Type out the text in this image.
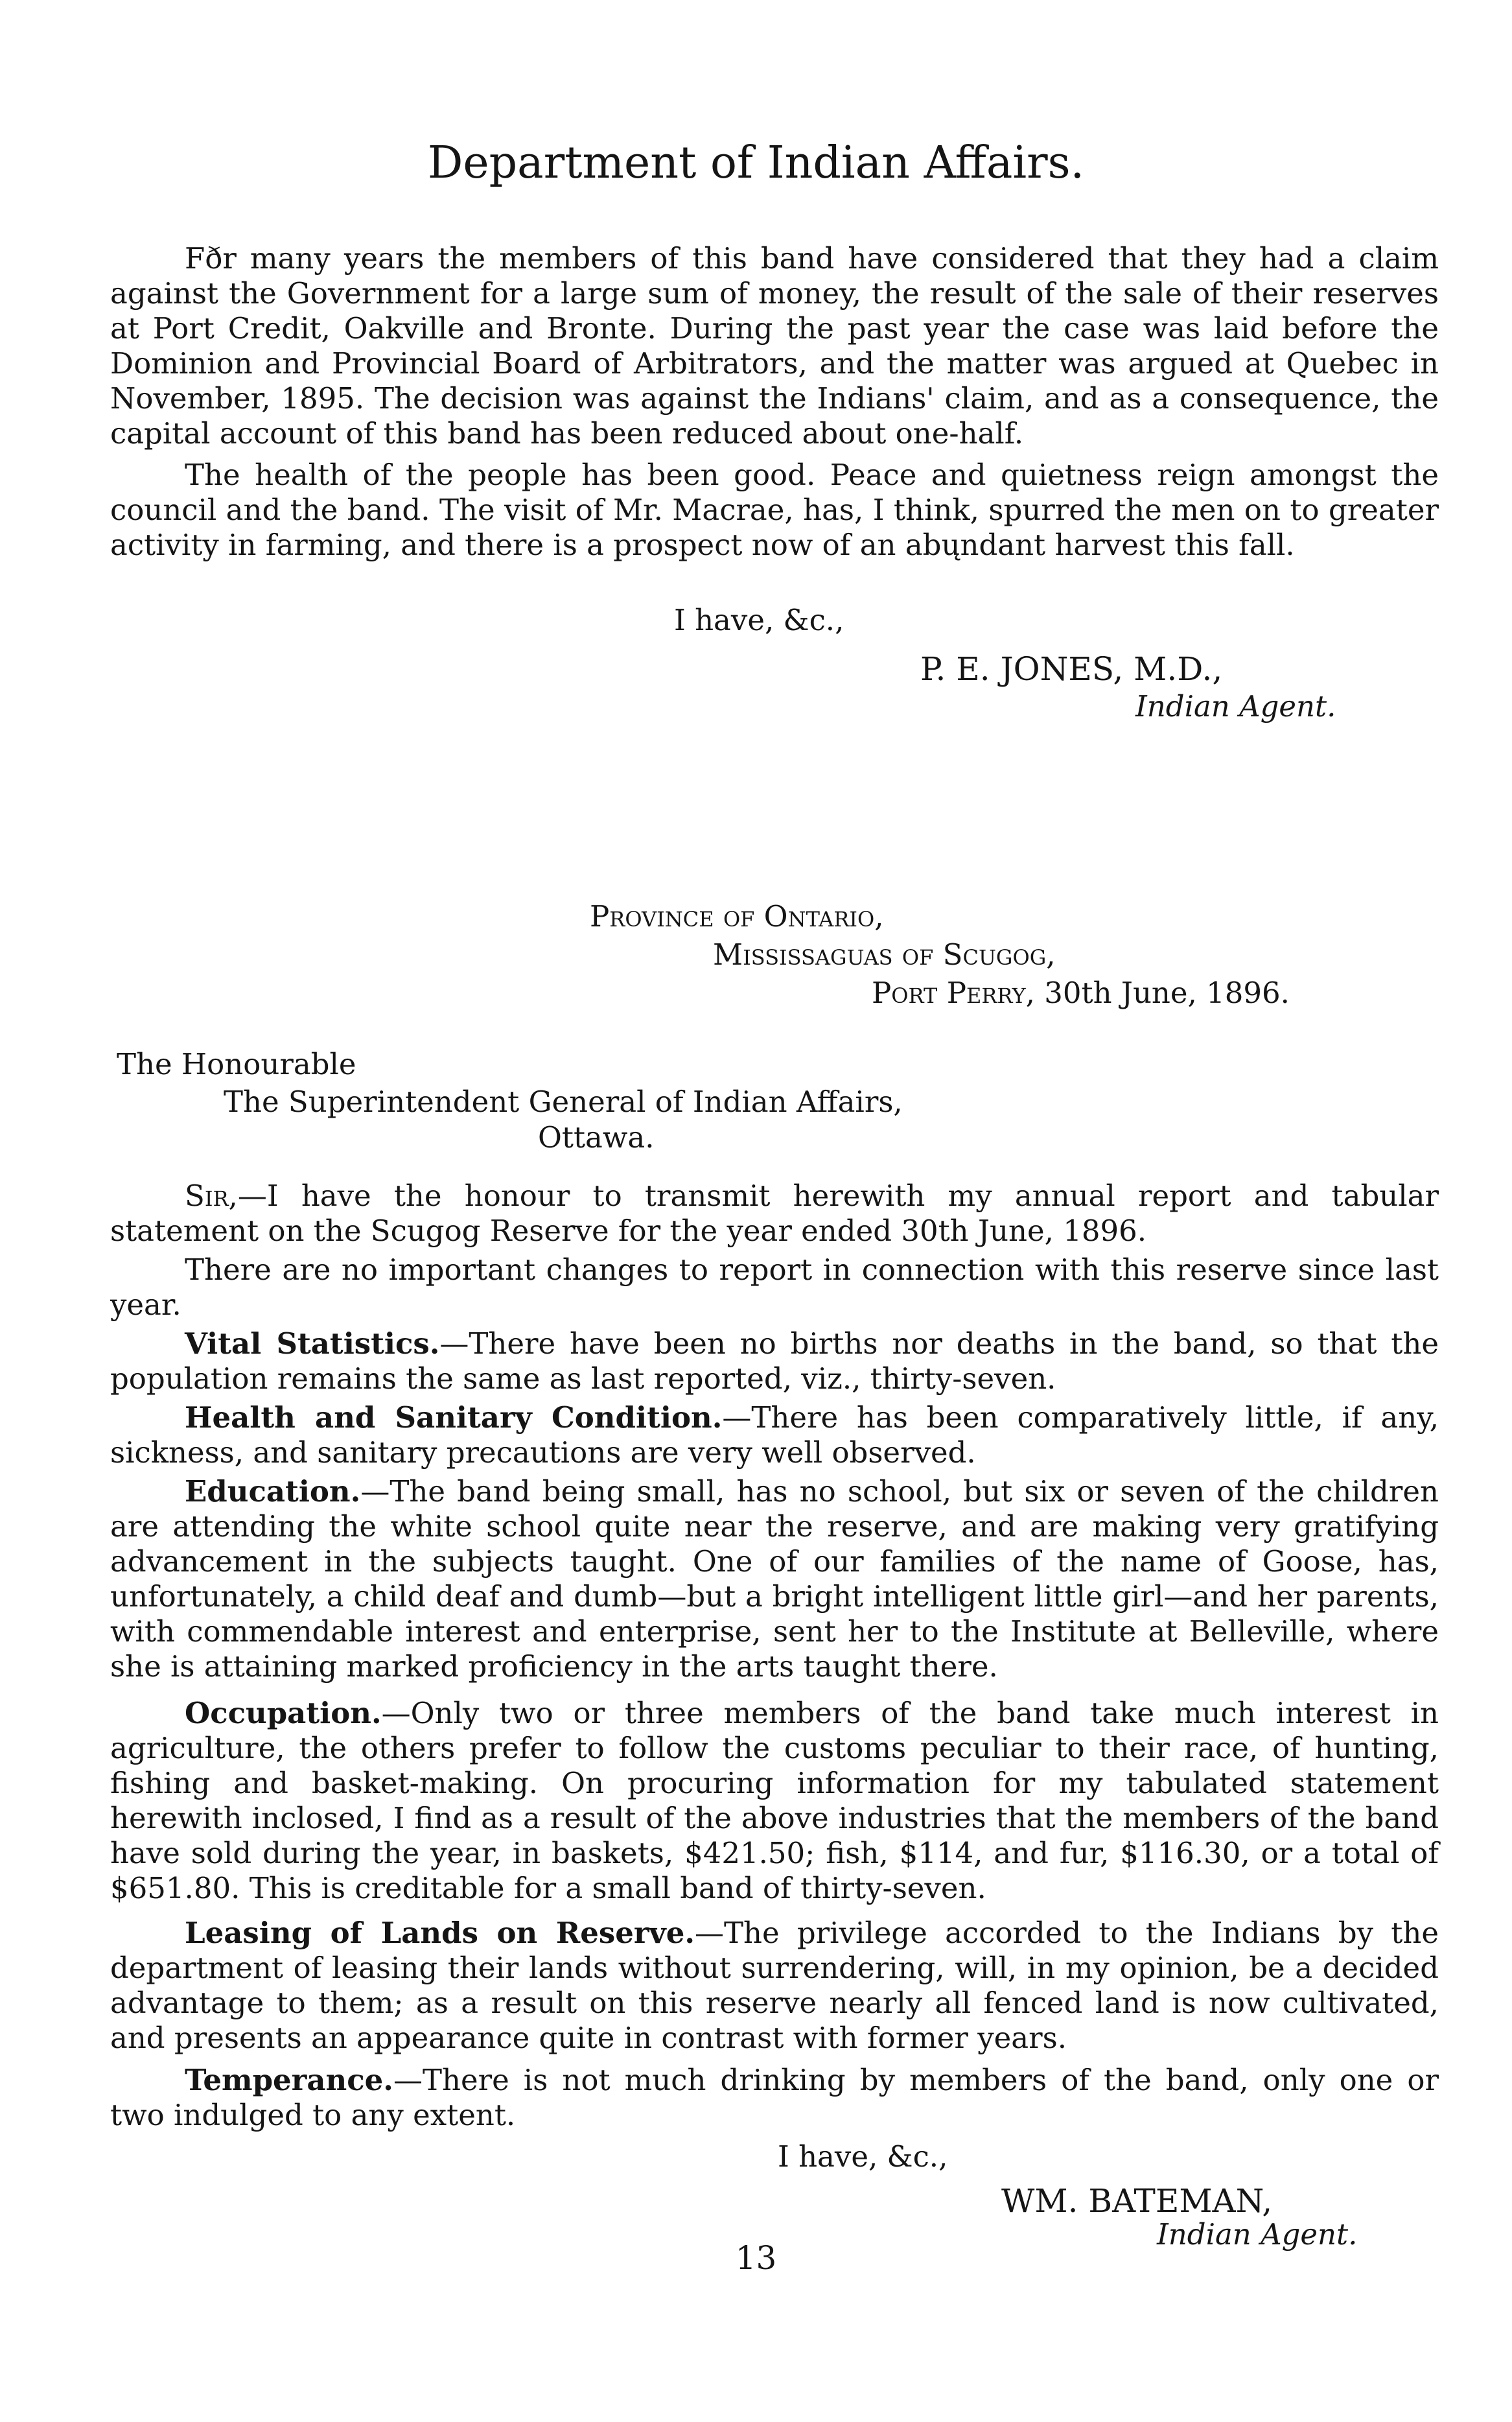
Department of Indian Affairs.

Fðr many years the members of this band have considered that they had a claim against the Government for a large sum of money, the result of the sale of their reserves at Port Credit, Oakville and Bronte. During the past year the case was laid before the Dominion and Provincial Board of Arbitrators, and the matter was argued at Quebec in November, 1895. The decision was against the Indians' claim, and as a consequence, the capital account of this band has been reduced about one-half.

The health of the people has been good. Peace and quietness reign amongst the council and the band. The visit of Mr. Macrae, has, I think, spurred the men on to greater activity in farming, and there is a prospect now of an abųndant harvest this fall.

I have, &c.,
P. E. JONES, M.D.,
Indian Agent.
Province of Ontario,
Mississaguas of Scugog,
Port Perry, 30th June, 1896.
The Honourable
The Superintendent General of Indian Affairs,
Ottawa.

Sir,—I have the honour to transmit herewith my annual report and tabular statement on the Scugog Reserve for the year ended 30th June, 1896.

There are no important changes to report in connection with this reserve since last year.

Vital Statistics.—There have been no births nor deaths in the band, so that the population remains the same as last reported, viz., thirty-seven.

Health and Sanitary Condition.—There has been comparatively little, if any, sickness, and sanitary precautions are very well observed.

Education.—The band being small, has no school, but six or seven of the children are attending the white school quite near the reserve, and are making very gratifying advancement in the subjects taught. One of our families of the name of Goose, has, unfortunately, a child deaf and dumb—but a bright intelligent little girl—and her parents, with commendable interest and enterprise, sent her to the Institute at Belleville, where she is attaining marked proficiency in the arts taught there.

Occupation.—Only two or three members of the band take much interest in agriculture, the others prefer to follow the customs peculiar to their race, of hunting, fishing and basket-making. On procuring information for my tabulated statement herewith inclosed, I find as a result of the above industries that the members of the band have sold during the year, in baskets, $421.50; fish, $114, and fur, $116.30, or a total of $651.80. This is creditable for a small band of thirty-seven.

Leasing of Lands on Reserve.—The privilege accorded to the Indians by the department of leasing their lands without surrendering, will, in my opinion, be a decided advantage to them; as a result on this reserve nearly all fenced land is now cultivated, and presents an appearance quite in contrast with former years.

Temperance.—There is not much drinking by members of the band, only one or two indulged to any extent.

I have, &c.,
WM. BATEMAN,
Indian Agent.
13
